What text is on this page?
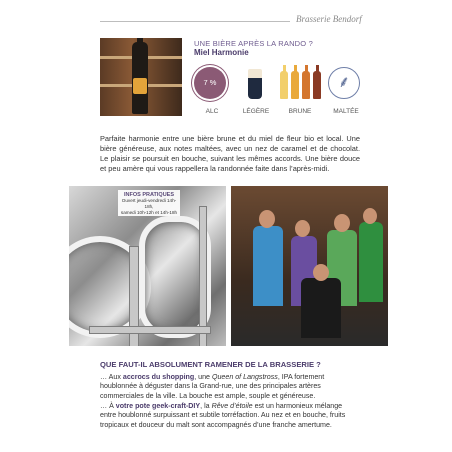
Brasserie Bendorf
UNE BIÈRE APRÈS LA RANDO ?
Miel Harmonie
7 %
ALC	LÉGÈRE	BRUNE
⸙
MALTÉE
Parfaite harmonie entre une bière brune et du miel de fleur bio et local. Une bière généreuse, aux notes maltées, avec un nez de caramel et de chocolat. Le plaisir se poursuit en bouche, suivant les mêmes accords. Une bière douce et peu amère qui vous rappellera la randonnée faite dans l’après-midi.
INFOS PRATIQUES
Ouvert jeudi-vendredi 14h-18h,
samedi 10h-12h et 14h-18h
QUE FAUT-IL ABSOLUMENT RAMENER DE LA BRASSERIE ?
… Aux accrocs du shopping, une Queen of Langstross, IPA fortement houblonnée à déguster dans la Grand-rue, une des principales artères commerciales de la ville. La bouche est ample, souple et généreuse.
… À votre pote geek-craft-DIY, la Rêve d’étoile est un harmonieux mélange entre houblonné surpuissant et subtile torréfaction. Au nez et en bouche, fruits tropicaux et douceur du malt sont accompagnés d’une franche amertume.
